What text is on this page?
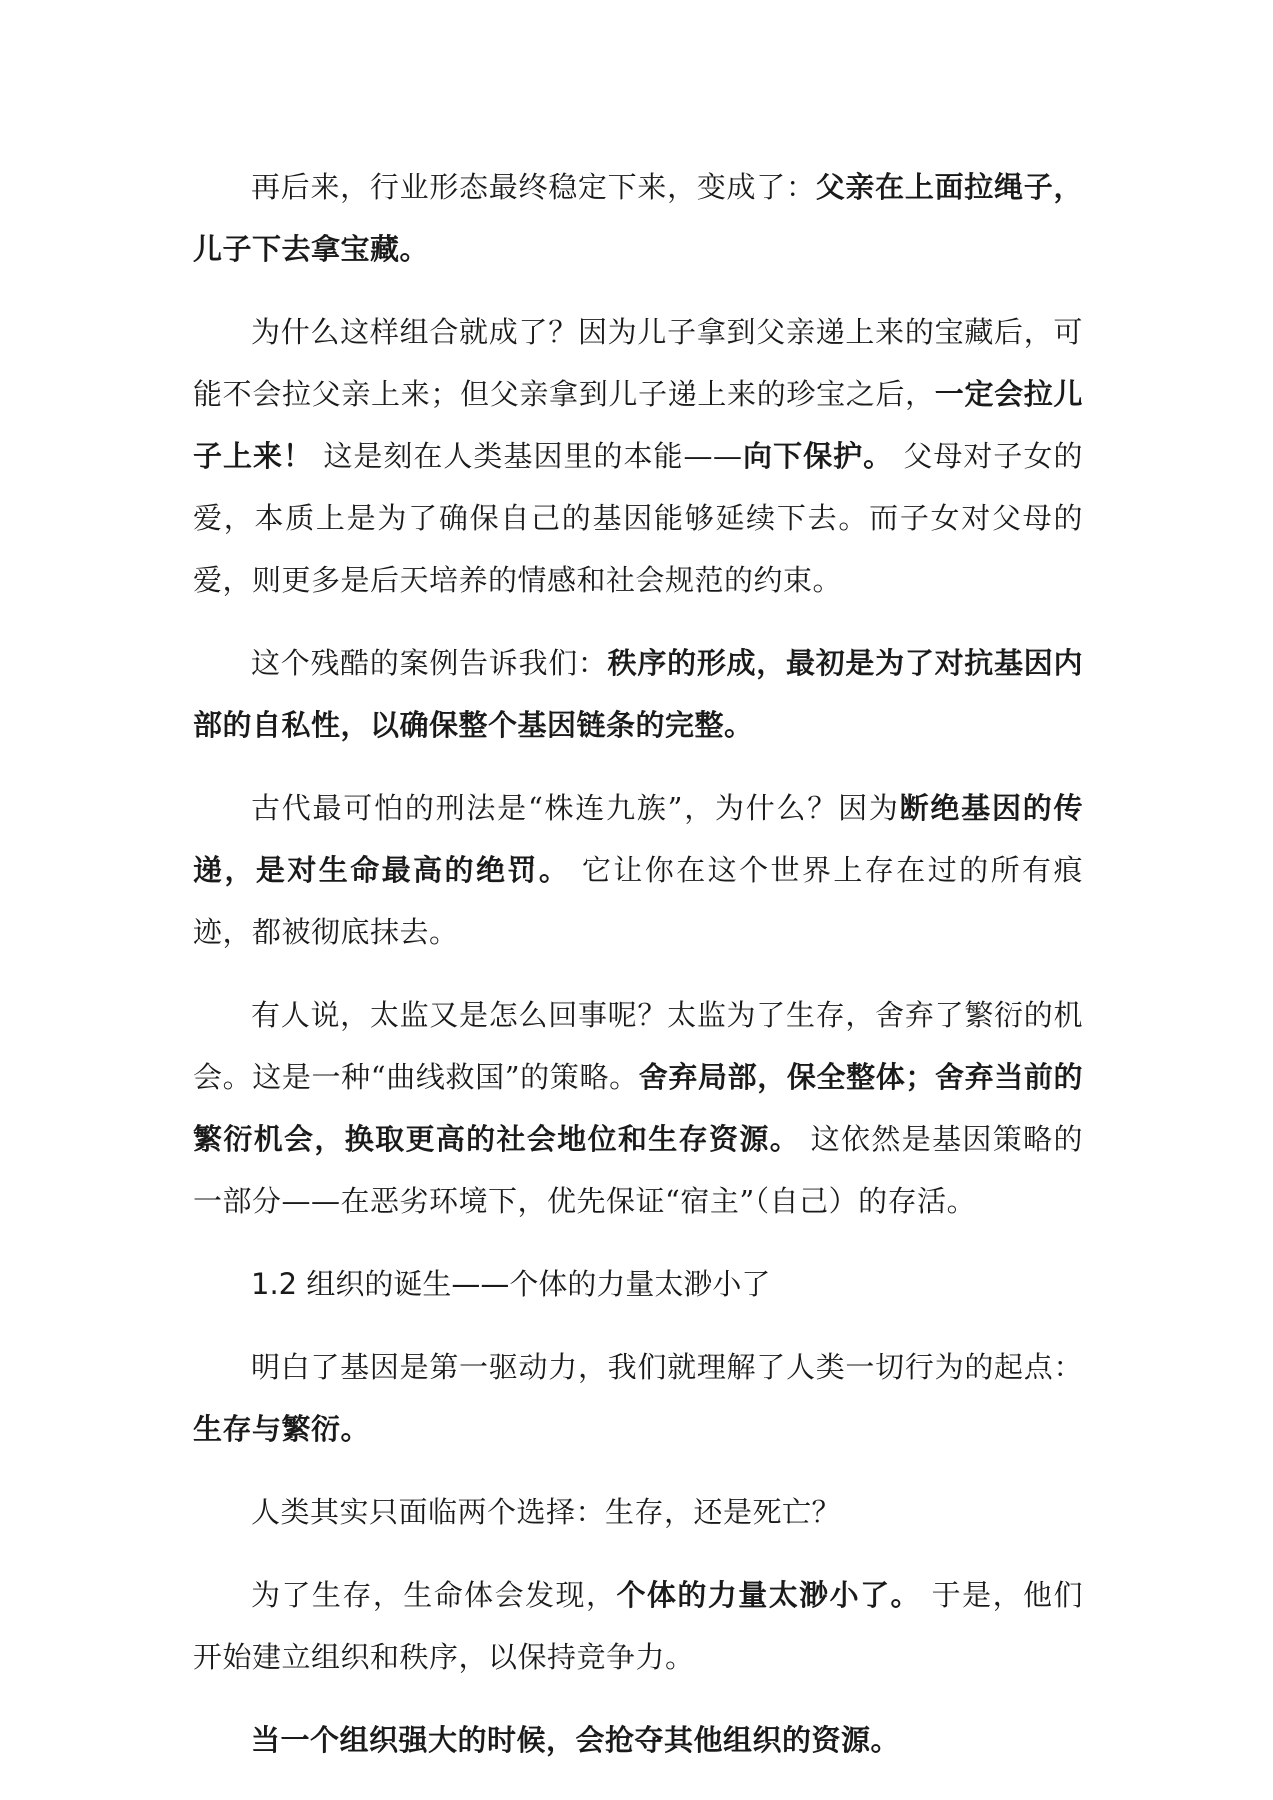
再后来，行业形态最终稳定下来，变成了：父亲在上面拉绳子，儿子下去拿宝藏。

为什么这样组合就成了？因为儿子拿到父亲递上来的宝藏后，可能不会拉父亲上来；但父亲拿到儿子递上来的珍宝之后，一定会拉儿子上来！ 这是刻在人类基因里的本能——向下保护。 父母对子女的爱，本质上是为了确保自己的基因能够延续下去。而子女对父母的爱，则更多是后天培养的情感和社会规范的约束。

这个残酷的案例告诉我们：秩序的形成，最初是为了对抗基因内部的自私性，以确保整个基因链条的完整。

古代最可怕的刑法是“株连九族”，为什么？因为断绝基因的传递，是对生命最高的绝罚。 它让你在这个世界上存在过的所有痕迹，都被彻底抹去。

有人说，太监又是怎么回事呢？太监为了生存，舍弃了繁衍的机会。这是一种“曲线救国”的策略。舍弃局部，保全整体；舍弃当前的繁衍机会，换取更高的社会地位和生存资源。 这依然是基因策略的一部分——在恶劣环境下，优先保证“宿主”（自己）的存活。

1.2 组织的诞生——个体的力量太渺小了

明白了基因是第一驱动力，我们就理解了人类一切行为的起点：生存与繁衍。

人类其实只面临两个选择：生存，还是死亡？

为了生存，生命体会发现，个体的力量太渺小了。 于是，他们开始建立组织和秩序，以保持竞争力。

当一个组织强大的时候，会抢夺其他组织的资源。
